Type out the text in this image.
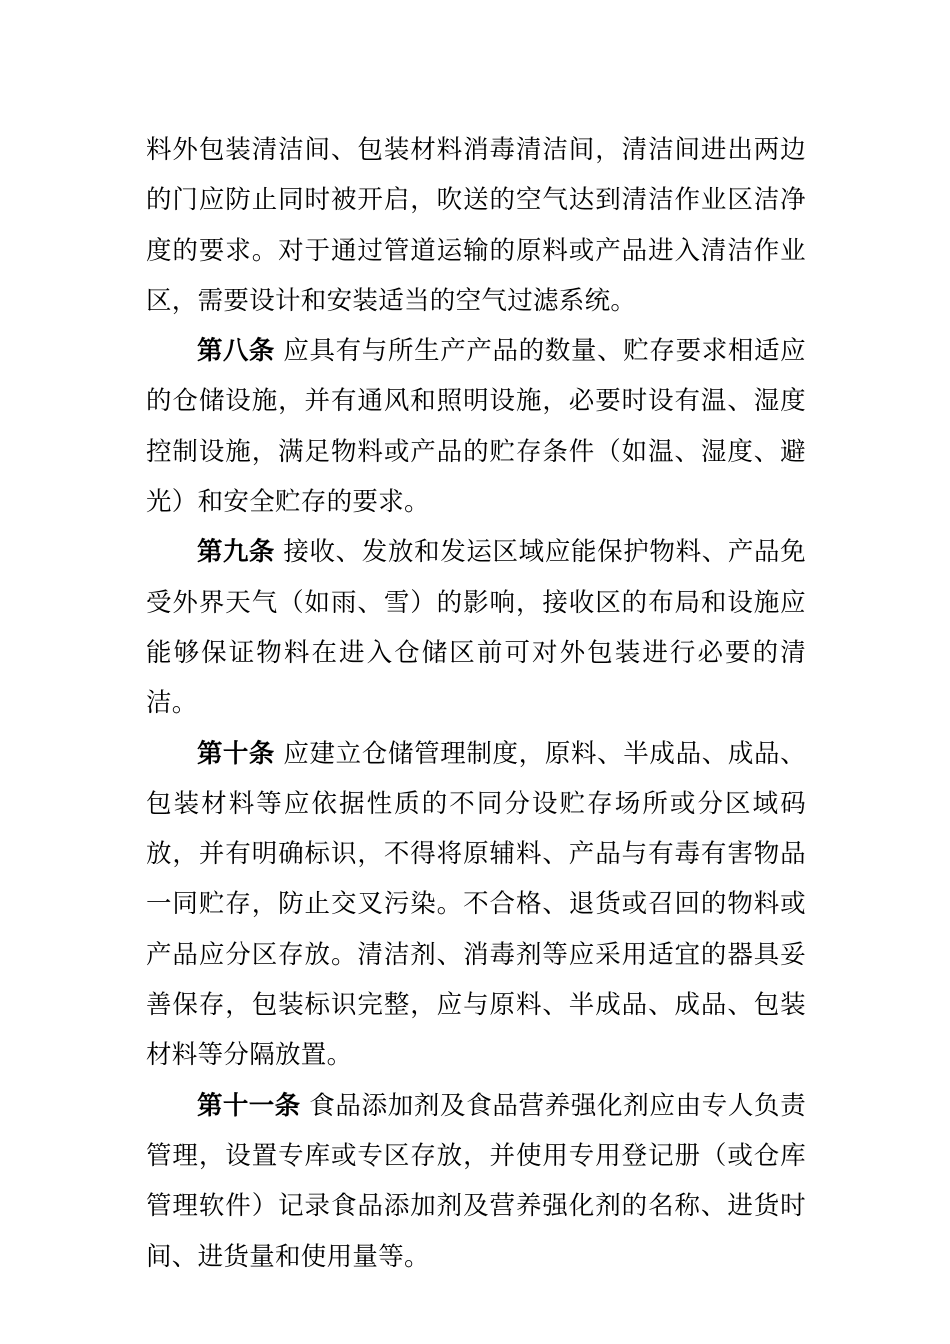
料外包装清洁间、包装材料消毒清洁间，清洁间进出两边的门应防止同时被开启，吹送的空气达到清洁作业区洁净度的要求。对于通过管道运输的原料或产品进入清洁作业区，需要设计和安装适当的空气过滤系统。

第八条 应具有与所生产产品的数量、贮存要求相适应的仓储设施，并有通风和照明设施，必要时设有温、湿度控制设施，满足物料或产品的贮存条件（如温、湿度、避光）和安全贮存的要求。

第九条 接收、发放和发运区域应能保护物料、产品免受外界天气（如雨、雪）的影响，接收区的布局和设施应能够保证物料在进入仓储区前可对外包装进行必要的清洁。

第十条 应建立仓储管理制度，原料、半成品、成品、包装材料等应依据性质的不同分设贮存场所或分区域码放，并有明确标识，不得将原辅料、产品与有毒有害物品一同贮存，防止交叉污染。不合格、退货或召回的物料或产品应分区存放。清洁剂、消毒剂等应采用适宜的器具妥善保存，包装标识完整，应与原料、半成品、成品、包装材料等分隔放置。

第十一条 食品添加剂及食品营养强化剂应由专人负责管理，设置专库或专区存放，并使用专用登记册（或仓库管理软件）记录食品添加剂及营养强化剂的名称、进货时间、进货量和使用量等。
